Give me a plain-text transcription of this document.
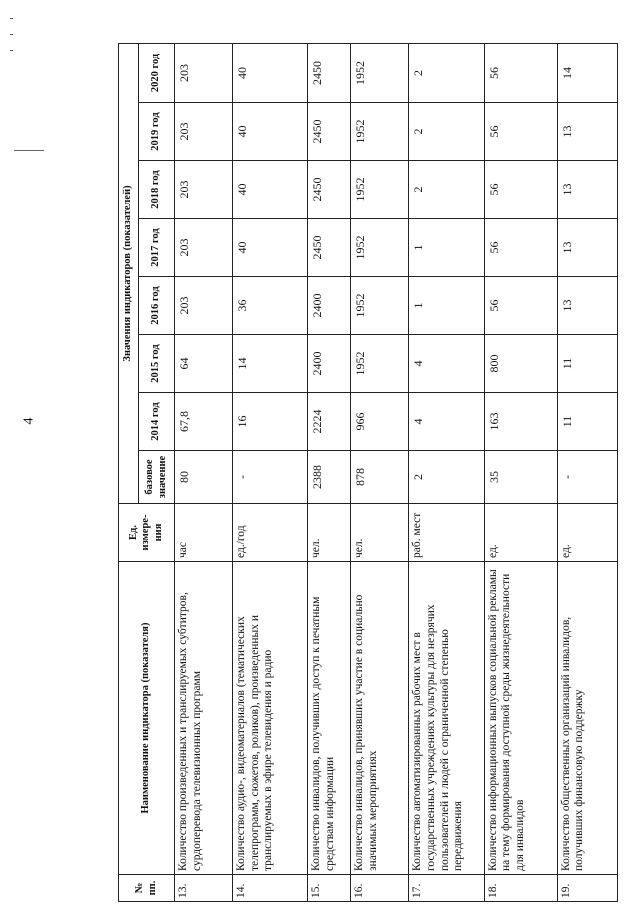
4
№ пп.	Наименование индикатора (показателя)	Ед. измере-ния	Значения индикаторов (показателей)							
			базовое значение	2014 год	2015 год	2016 год	2017 год	2018 год	2019 год	2020 год
13.	Количество произведенных и транслируемых субтитров, сурдоперевода телевизионных программ	час	80	67,8	64	203	203	203	203	203
14.	Количество аудио-, видеоматериалов (тематических телепрограмм, сюжетов, роликов), произведенных и транслируемых в эфире телевидения и радио	ед./год	-	16	14	36	40	40	40	40
15.	Количество инвалидов, получивших доступ к печатным средствам информации	чел.	2388	2224	2400	2400	2450	2450	2450	2450
16.	Количество инвалидов, принявших участие в социально значимых мероприятиях	чел.	878	966	1952	1952	1952	1952	1952	1952
17.	Количество автоматизированных рабочих мест в государственных учреждениях культуры для незрячих пользователей и людей с ограниченной степенью передвижения	раб. мест	2	4	4	1	1	2	2	2
18.	Количество информационных выпусков социальной рекламы на тему формирования доступной среды жизнедеятельности для инвалидов	ед.	35	163	800	56	56	56	56	56
19.	Количество общественных организаций инвалидов, получивших финансовую поддержку	ед.	-	11	11	13	13	13	13	14
